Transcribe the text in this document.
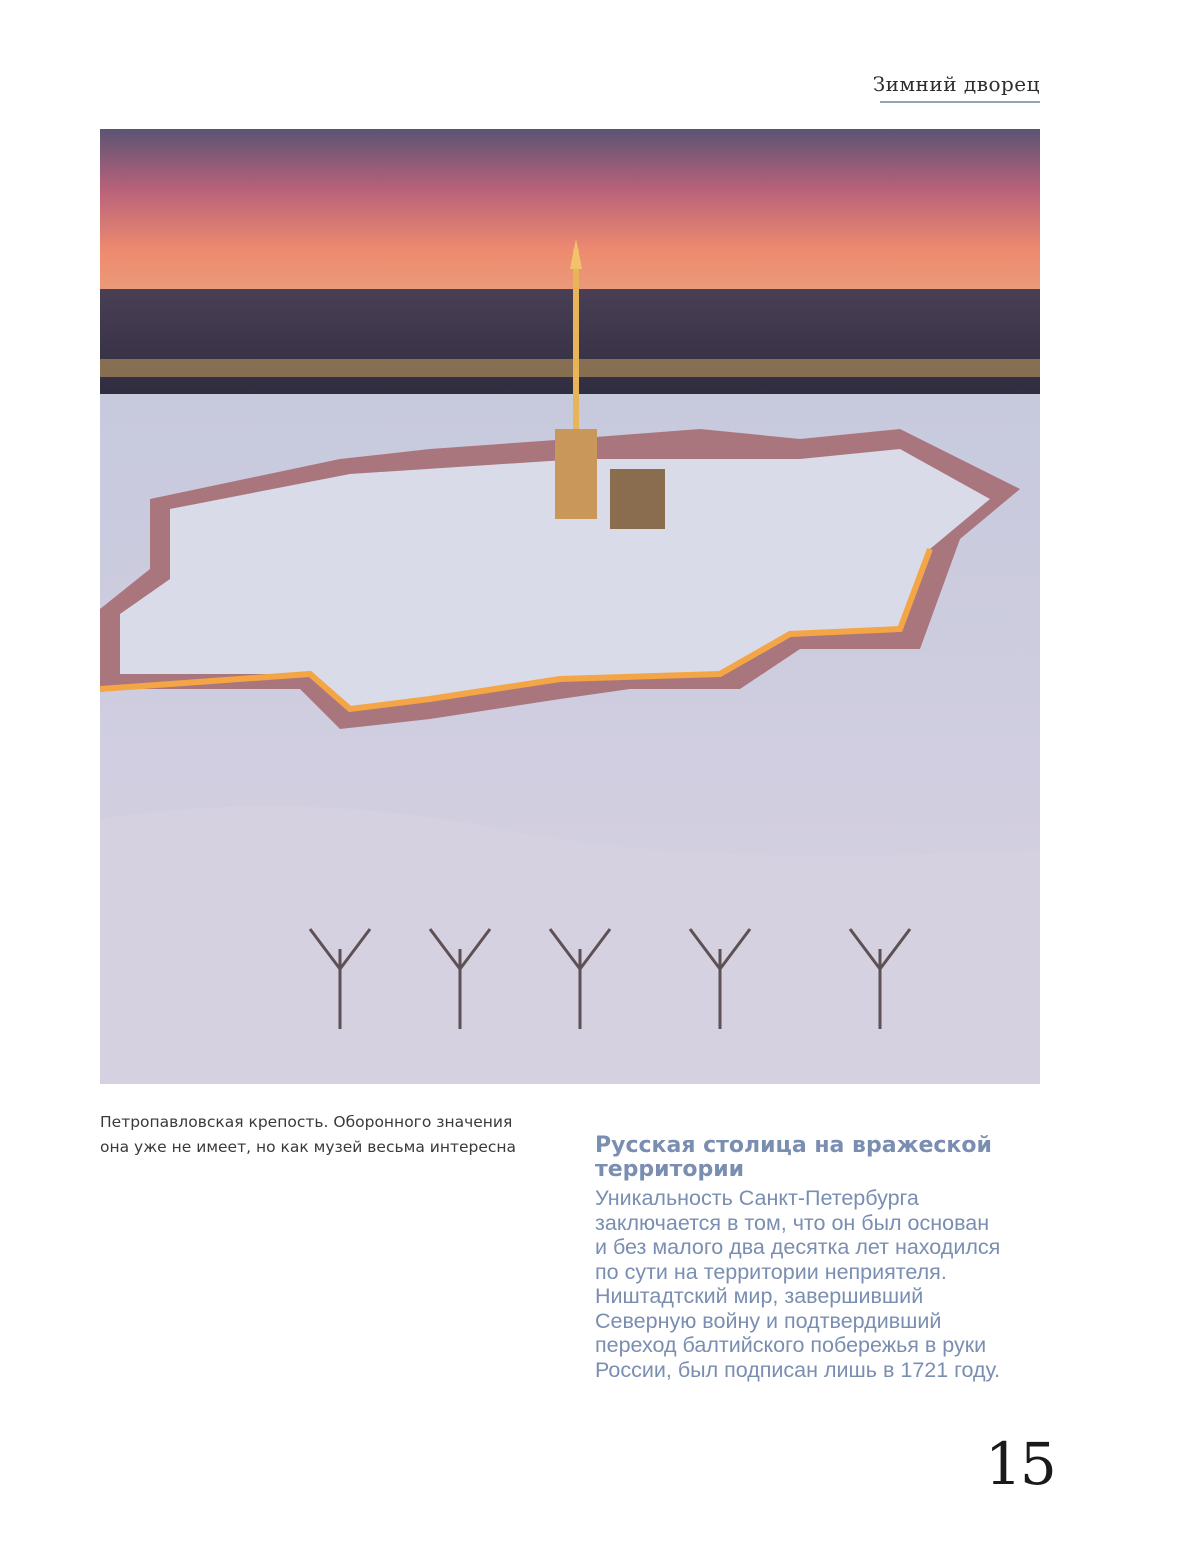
Зимний дворец
Петропавловская крепость. Оборонного значения
она уже не имеет, но как музей весьма интересна	Русская столица на вражеской
территории
Уникальность Санкт-Петербурга
заключается в том, что он был основан
и без малого два десятка лет находился
по сути на территории неприятеля.
Ништадтский мир, завершивший
Северную войну и подтвердивший
переход балтийского побережья в руки
России, был подписан лишь в 1721 году.
15
